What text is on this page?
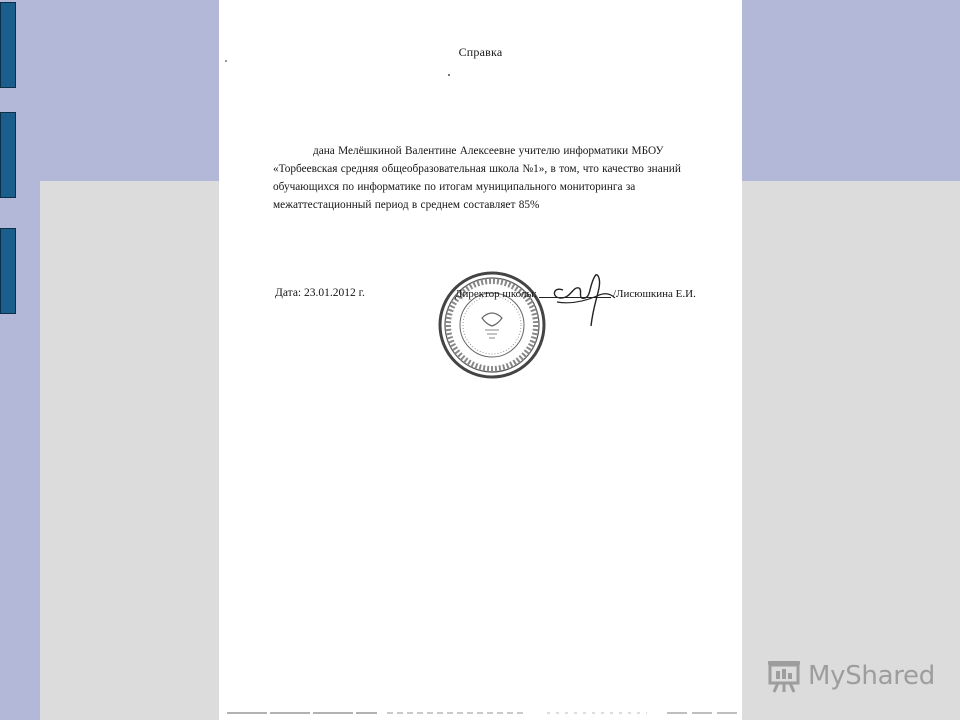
Справка
дана Мелёшкиной Валентине Алексеевне учителю информатики МБОУ «Торбеевская средняя общеобразовательная школа №1», в том, что качество знаний обучающихся по информатике по итогам муниципального мониторинга за межаттестационный период в среднем составляет 85%
Дата: 23.01.2012 г.	Директор школы:	/Лисюшкина Е.И.
MyShared
